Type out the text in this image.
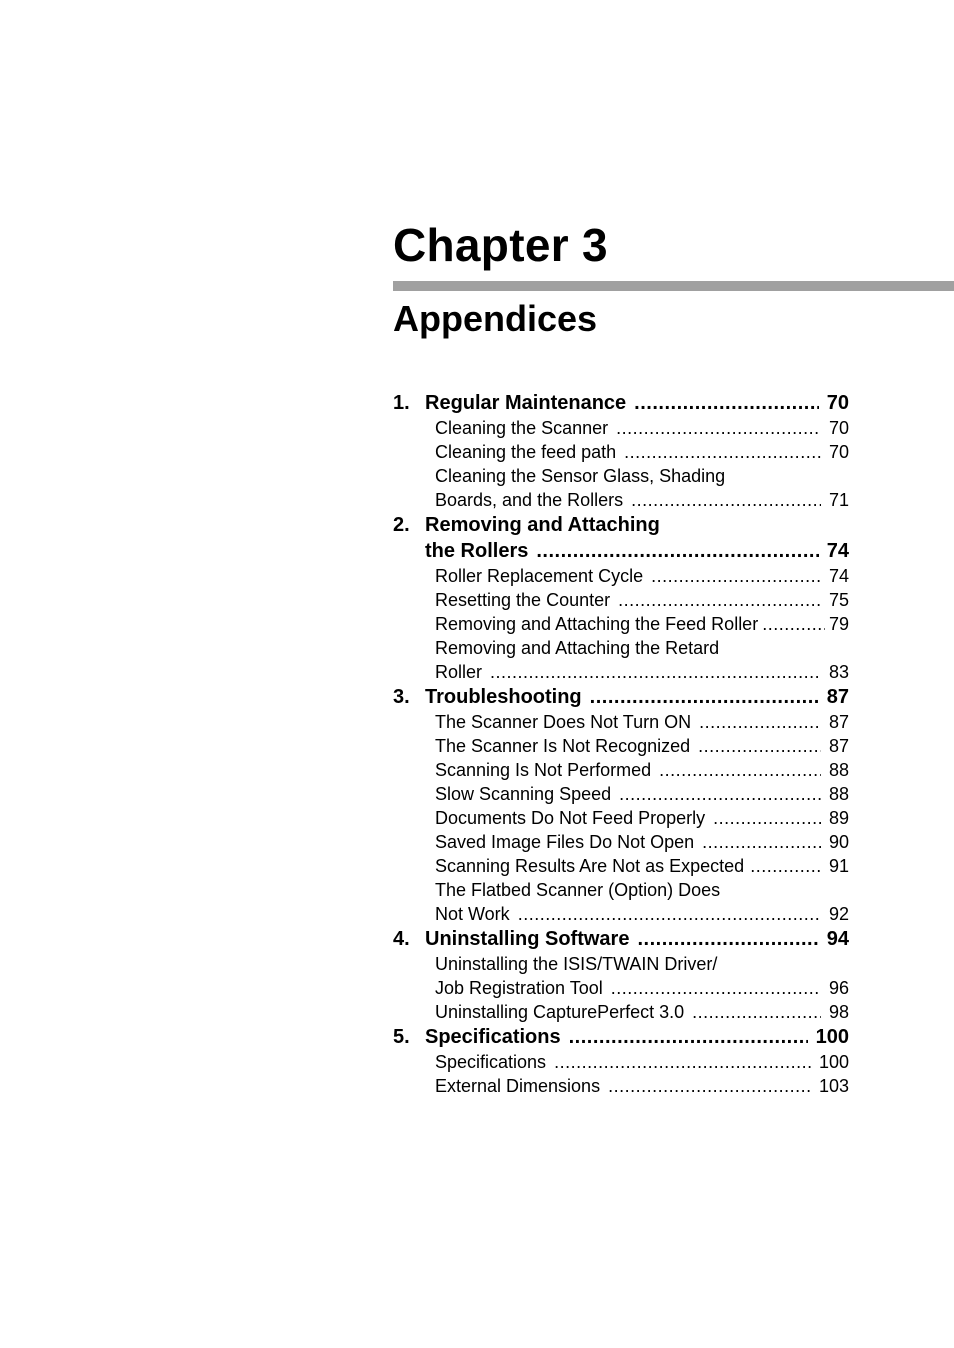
Chapter 3
Appendices
1. Regular Maintenance .....	70
Cleaning the Scanner .....	70
Cleaning the feed path .....	70
Cleaning the Sensor Glass, Shading
Boards, and the Rollers .....	71
2. Removing and Attaching
the Rollers .....	74
Roller Replacement Cycle .....	74
Resetting the Counter .....	75
Removing and Attaching the Feed Roller .....	79
Removing and Attaching the Retard
Roller .....	83
3. Troubleshooting .....	87
The Scanner Does Not Turn ON .....	87
The Scanner Is Not Recognized .....	87
Scanning Is Not Performed .....	88
Slow Scanning Speed .....	88
Documents Do Not Feed Properly .....	89
Saved Image Files Do Not Open .....	90
Scanning Results Are Not as Expected .....	91
The Flatbed Scanner (Option) Does
Not Work .....	92
4. Uninstalling Software .....	94
Uninstalling the ISIS/TWAIN Driver/
Job Registration Tool .....	96
Uninstalling CapturePerfect 3.0 .....	98
5. Specifications .....	100
Specifications .....	100
External Dimensions .....	103
